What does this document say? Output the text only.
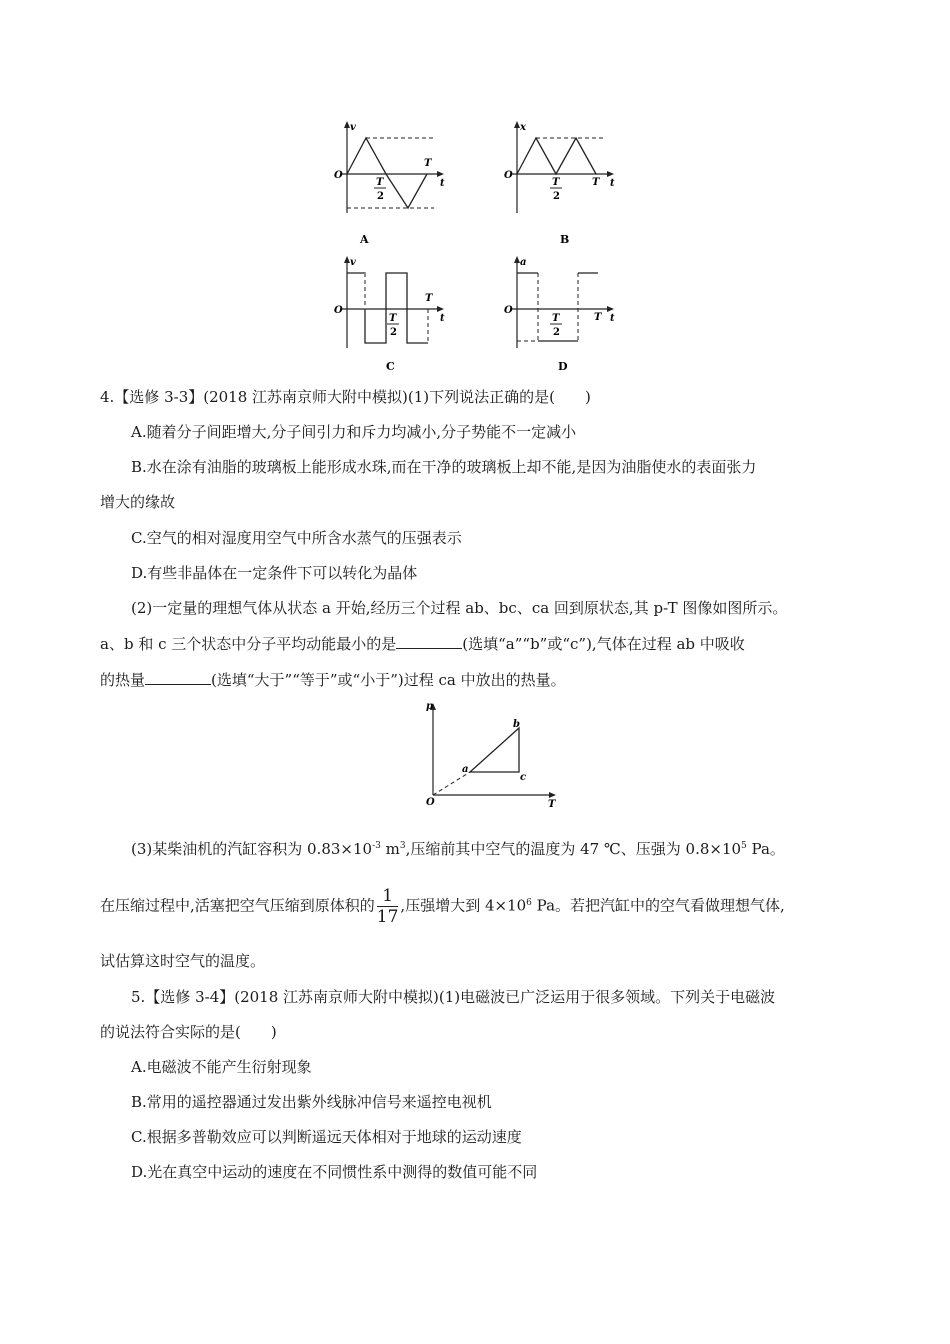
v
t
O
T
T
2
A
x
t
O
T
T
2
B
v
t
O
T
T
2
C
a
t
O
T
T
2
D
4.【选修 3-3】(2018 江苏南京师大附中模拟)(1)下列说法正确的是(　　)
A.随着分子间距增大,分子间引力和斥力均减小,分子势能不一定减小
B.水在涂有油脂的玻璃板上能形成水珠,而在干净的玻璃板上却不能,是因为油脂使水的表面张力
增大的缘故
C.空气的相对湿度用空气中所含水蒸气的压强表示
D.有些非晶体在一定条件下可以转化为晶体
(2)一定量的理想气体从状态 a 开始,经历三个过程 ab、bc、ca 回到原状态,其 p-T 图像如图所示。
a、b 和 c 三个状态中分子平均动能最小的是	(选填“a”“b”或“c”),气体在过程 ab 中吸收
的热量	(选填“大于”“等于”或“小于”)过程 ca 中放出的热量。
p
T
O
a
b
c
(3)某柴油机的汽缸容积为 $0.83\times 10^{-3}$ $m^3$,压缩前其中空气的温度为 47 ℃、压强为 $0.8\times 10^5$ Pa。
在压缩过程中,活塞把空气压缩到原体积的 $\frac{1}{17}$ ,压强增大到 $4\times 10^6$ Pa。若把汽缸中的空气看做理想气体,
试估算这时空气的温度。
5.【选修 3-4】(2018 江苏南京师大附中模拟)(1)电磁波已广泛运用于很多领域。下列关于电磁波
的说法符合实际的是(　　)
A.电磁波不能产生衍射现象
B.常用的遥控器通过发出紫外线脉冲信号来遥控电视机
C.根据多普勒效应可以判断遥远天体相对于地球的运动速度
D.光在真空中运动的速度在不同惯性系中测得的数值可能不同
